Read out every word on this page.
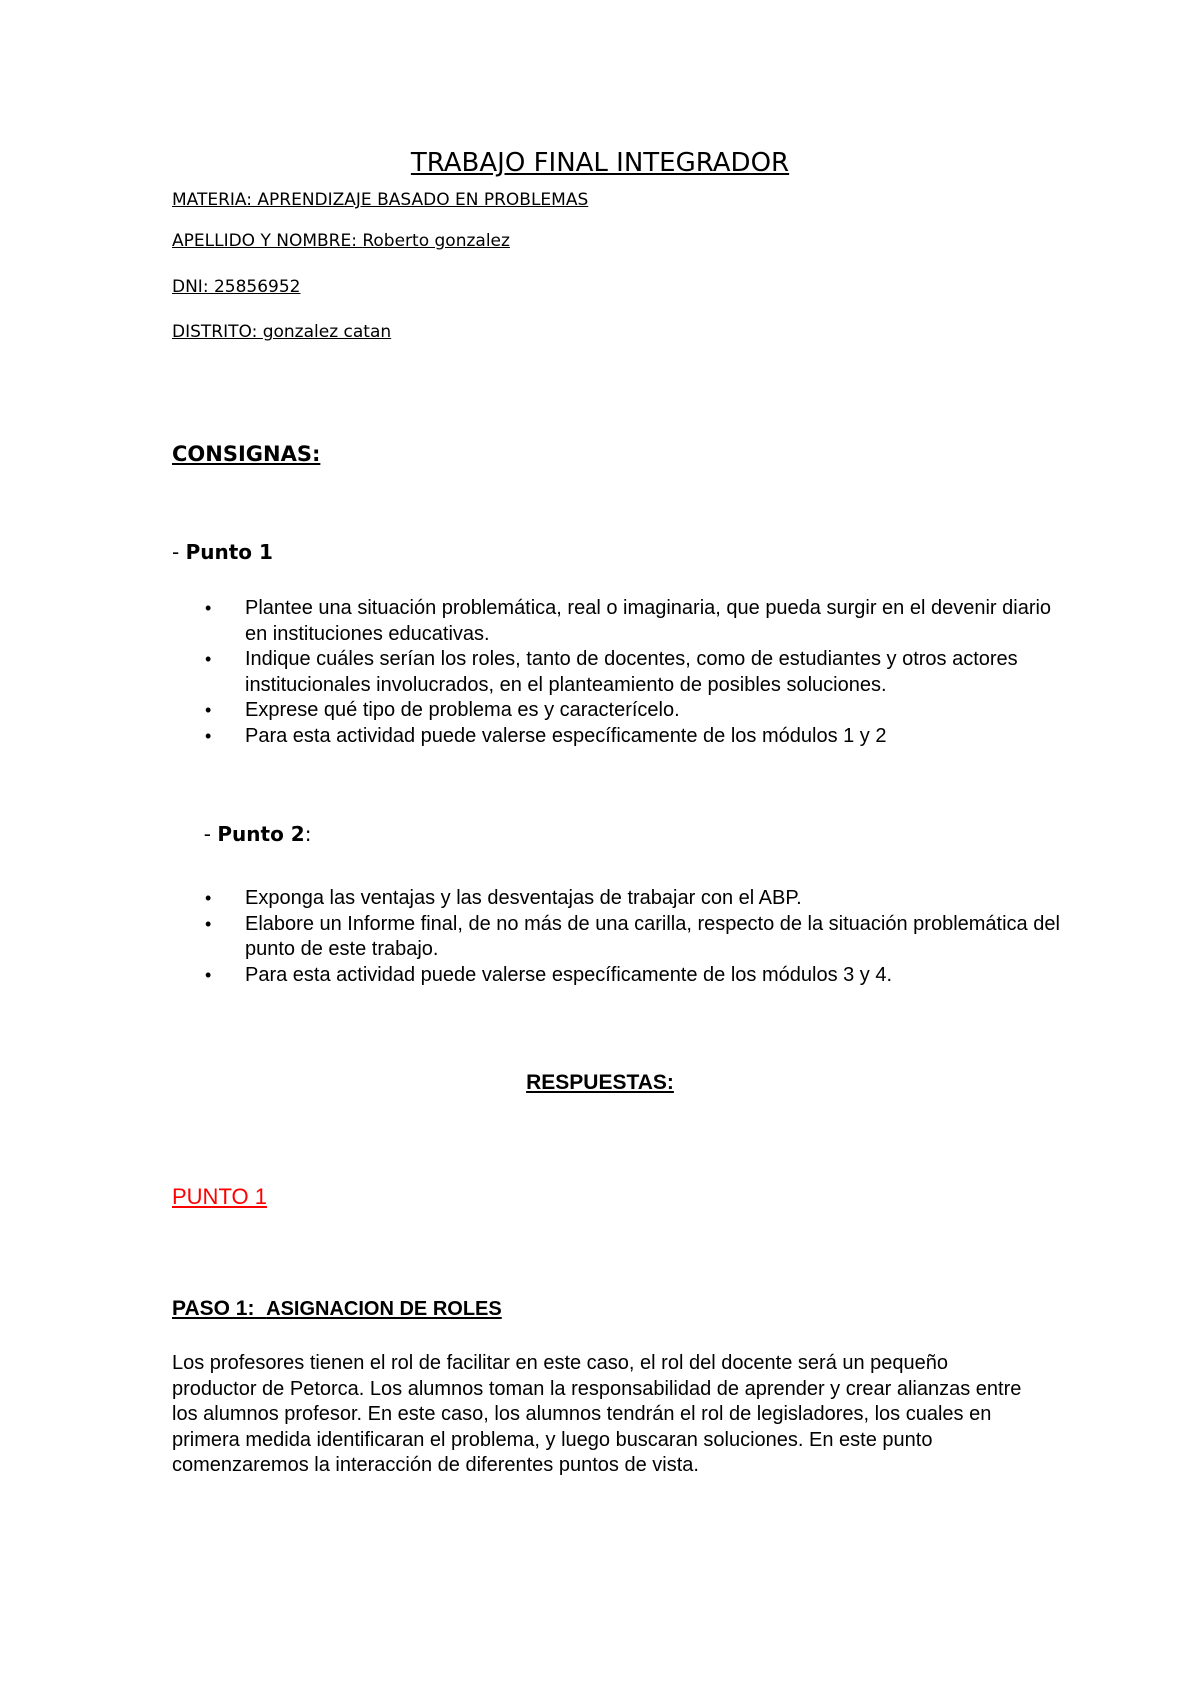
TRABAJO FINAL INTEGRADOR
MATERIA: APRENDIZAJE BASADO EN PROBLEMAS
APELLIDO Y NOMBRE: Roberto gonzalez
DNI: 25856952
DISTRITO: gonzalez catan
CONSIGNAS:
- Punto 1
• Plantee una situación problemática, real o imaginaria, que pueda surgir en el devenir diario en instituciones educativas.
• Indique cuáles serían los roles, tanto de docentes, como de estudiantes y otros actores institucionales involucrados, en el planteamiento de posibles soluciones.
• Exprese qué tipo de problema es y caracterícelo.
• Para esta actividad puede valerse específicamente de los módulos 1 y 2

- Punto 2:

• Exponga las ventajas y las desventajas de trabajar con el ABP.
• Elabore un Informe final, de no más de una carilla, respecto de la situación problemática del punto de este trabajo.
• Para esta actividad puede valerse específicamente de los módulos 3 y 4.
RESPUESTAS:
PUNTO 1
PASO 1: ASIGNACION DE ROLES

Los profesores tienen el rol de facilitar en este caso, el rol del docente será un pequeño productor de Petorca. Los alumnos toman la responsabilidad de aprender y crear alianzas entre los alumnos profesor. En este caso, los alumnos tendrán el rol de legisladores, los cuales en primera medida identificaran el problema, y luego buscaran soluciones. En este punto comenzaremos la interacción de diferentes puntos de vista.
